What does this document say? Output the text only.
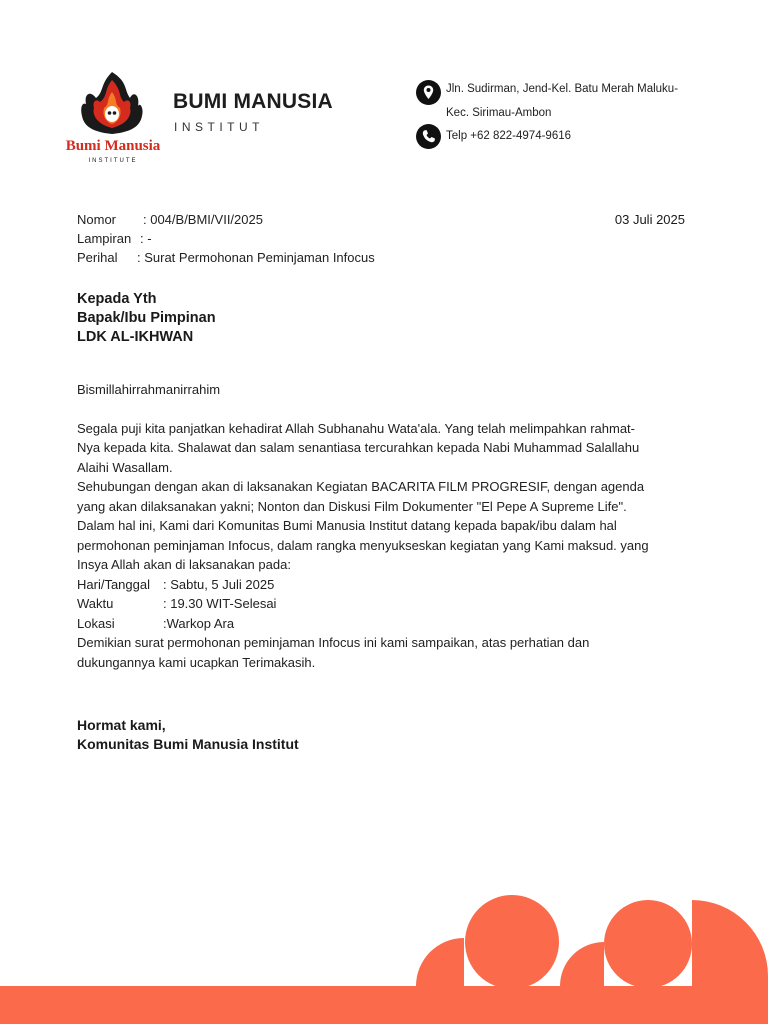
Bumi Manusia
INSTITUTE
BUMI MANUSIA
INSTITUT
Jln. Sudirman, Jend-Kel. Batu Merah Maluku-
Kec. Sirimau-Ambon
Telp +62 822-4974-9616
Nomor : 004/B/BMI/VII/2025
Lampiran : -
Perihal : Surat Permohonan Peminjaman Infocus
03 Juli 2025
Kepada Yth
Bapak/Ibu Pimpinan
LDK AL-IKHWAN

Bismillahirrahmanirrahim

Segala puji kita panjatkan kehadirat Allah Subhanahu Wata'ala. Yang telah melimpahkan rahmat-

Nya kepada kita. Shalawat dan salam senantiasa tercurahkan kepada Nabi Muhammad Salallahu

Alaihi Wasallam.

Sehubungan dengan akan di laksanakan Kegiatan BACARITA FILM PROGRESIF, dengan agenda

yang akan dilaksanakan yakni; Nonton dan Diskusi Film Dokumenter "El Pepe A Supreme Life".

Dalam hal ini, Kami dari Komunitas Bumi Manusia Institut datang kepada bapak/ibu dalam hal

permohonan peminjaman Infocus, dalam rangka menyukseskan kegiatan yang Kami maksud. yang

Insya Allah akan di laksanakan pada:

Hari/Tanggal	: Sabtu, 5 Juli 2025
Waktu	: 19.30 WIT-Selesai
Lokasi	:Warkop Ara

Demikian surat permohonan peminjaman Infocus ini kami sampaikan, atas perhatian dan

dukungannya kami ucapkan Terimakasih.

Hormat kami,
Komunitas Bumi Manusia Institut
